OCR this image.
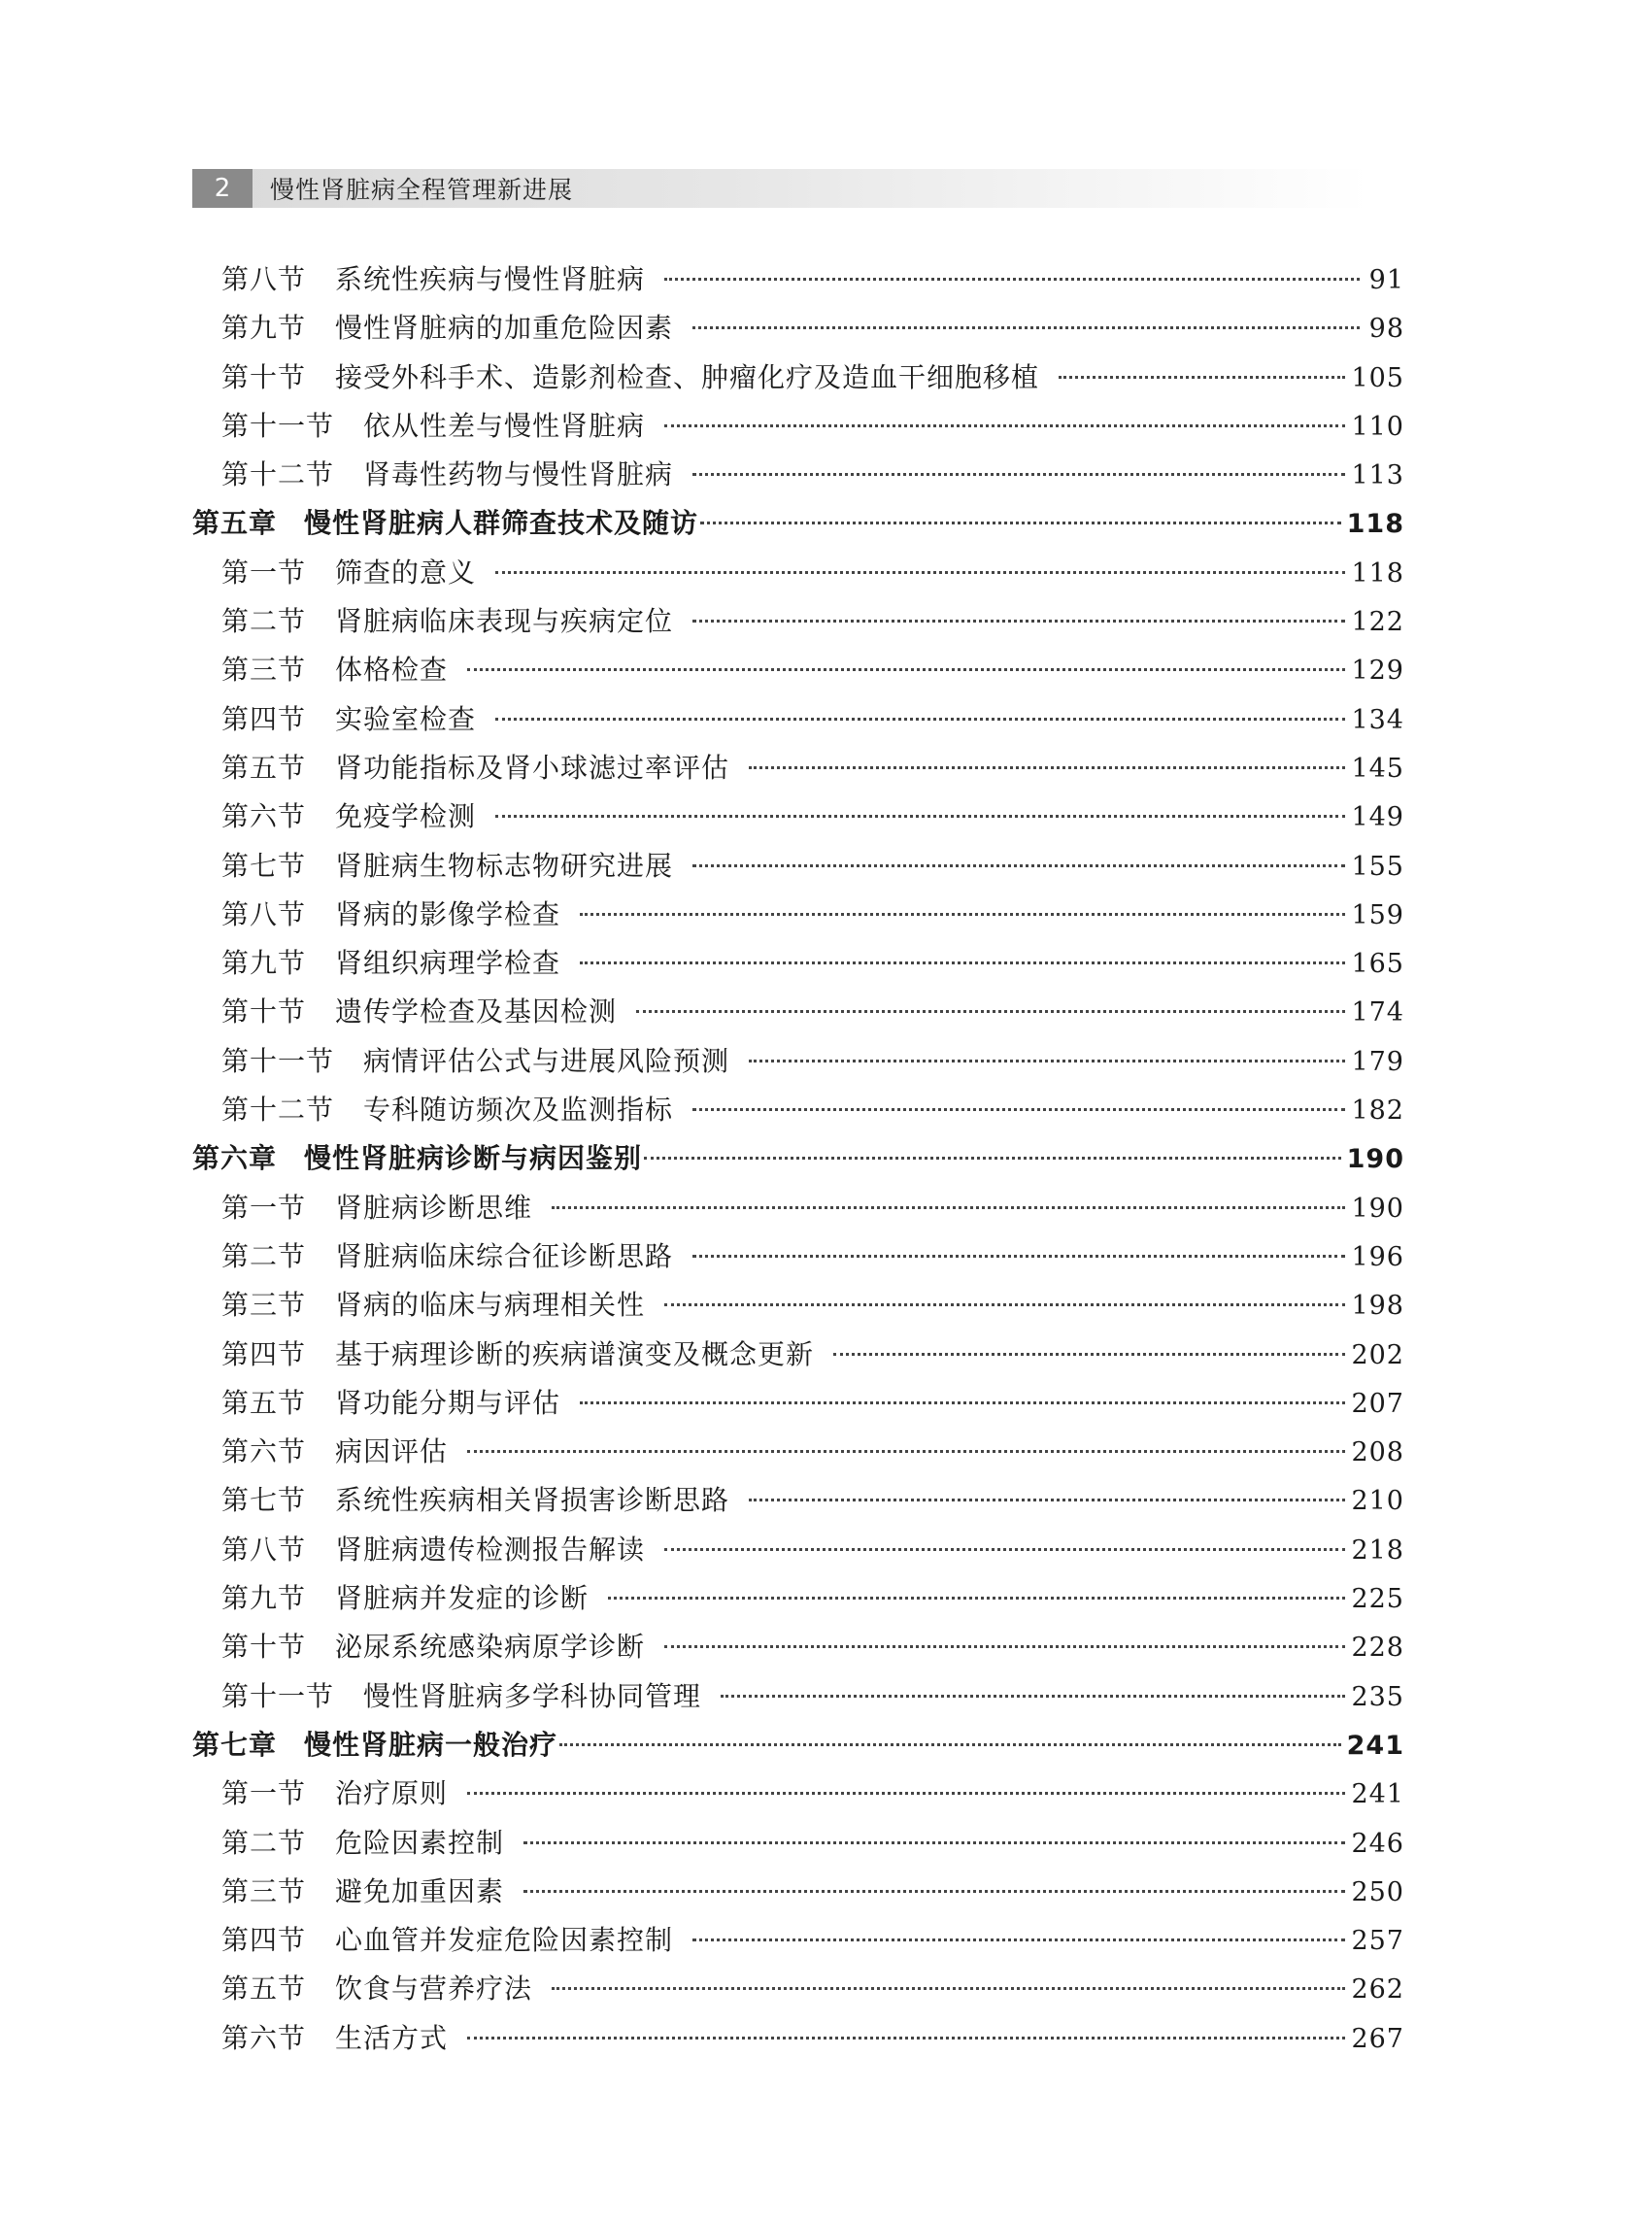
2	慢性肾脏病全程管理新进展
第八节 系统性疾病与慢性肾脏病	91
第九节 慢性肾脏病的加重危险因素	98
第十节 接受外科手术、造影剂检查、肿瘤化疗及造血干细胞移植	105
第十一节 依从性差与慢性肾脏病	110
第十二节 肾毒性药物与慢性肾脏病	113
第五章 慢性肾脏病人群筛查技术及随访	118
第一节 筛查的意义	118
第二节 肾脏病临床表现与疾病定位	122
第三节 体格检查	129
第四节 实验室检查	134
第五节 肾功能指标及肾小球滤过率评估	145
第六节 免疫学检测	149
第七节 肾脏病生物标志物研究进展	155
第八节 肾病的影像学检查	159
第九节 肾组织病理学检查	165
第十节 遗传学检查及基因检测	174
第十一节 病情评估公式与进展风险预测	179
第十二节 专科随访频次及监测指标	182
第六章 慢性肾脏病诊断与病因鉴别	190
第一节 肾脏病诊断思维	190
第二节 肾脏病临床综合征诊断思路	196
第三节 肾病的临床与病理相关性	198
第四节 基于病理诊断的疾病谱演变及概念更新	202
第五节 肾功能分期与评估	207
第六节 病因评估	208
第七节 系统性疾病相关肾损害诊断思路	210
第八节 肾脏病遗传检测报告解读	218
第九节 肾脏病并发症的诊断	225
第十节 泌尿系统感染病原学诊断	228
第十一节 慢性肾脏病多学科协同管理	235
第七章 慢性肾脏病一般治疗	241
第一节 治疗原则	241
第二节 危险因素控制	246
第三节 避免加重因素	250
第四节 心血管并发症危险因素控制	257
第五节 饮食与营养疗法	262
第六节 生活方式	267
